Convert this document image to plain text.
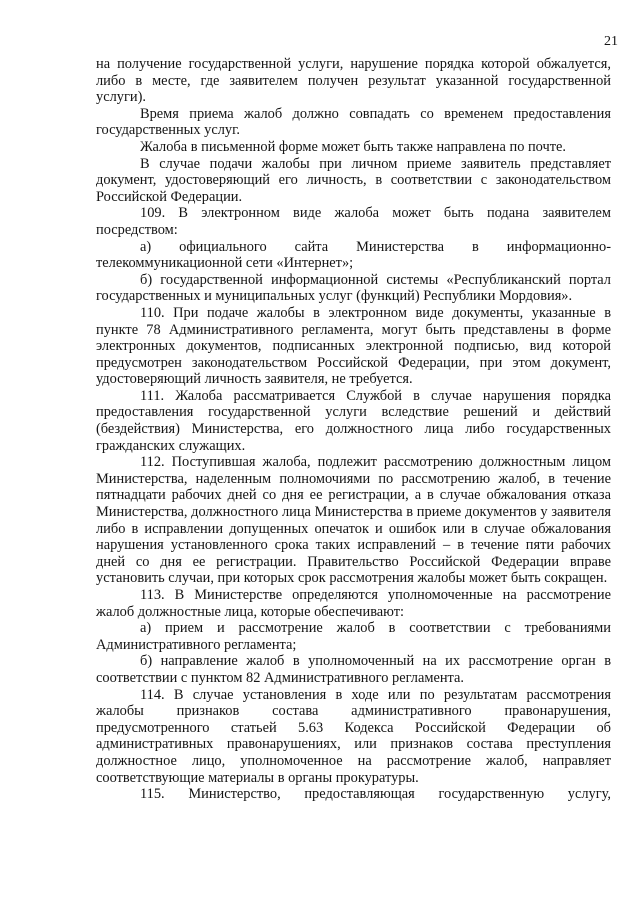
21

на получение государственной услуги, нарушение порядка которой обжалуется, либо в месте, где заявителем получен результат указанной государственной услуги).

Время приема жалоб должно совпадать со временем предоставления государственных услуг.

Жалоба в письменной форме может быть также направлена по почте.

В случае подачи жалобы при личном приеме заявитель представляет документ, удостоверяющий его личность, в соответствии с законодательством Российской Федерации.

109. В электронном виде жалоба может быть подана заявителем посредством:

а) официального сайта Министерства в информационно-телекоммуникационной сети «Интернет»;

б) государственной информационной системы «Республиканский портал государственных и муниципальных услуг (функций) Республики Мордовия».

110. При подаче жалобы в электронном виде документы, указанные в пункте 78 Административного регламента, могут быть представлены в форме электронных документов, подписанных электронной подписью, вид которой предусмотрен законодательством Российской Федерации, при этом документ, удостоверяющий личность заявителя, не требуется.

111. Жалоба рассматривается Службой в случае нарушения порядка предоставления государственной услуги вследствие решений и действий (бездействия) Министерства, его должностного лица либо государственных гражданских служащих.

112. Поступившая жалоба, подлежит рассмотрению должностным лицом Министерства, наделенным полномочиями по рассмотрению жалоб, в течение пятнадцати рабочих дней со дня ее регистрации, а в случае обжалования отказа Министерства, должностного лица Министерства в приеме документов у заявителя либо в исправлении допущенных опечаток и ошибок или в случае обжалования нарушения установленного срока таких исправлений – в течение пяти рабочих дней со дня ее регистрации. Правительство Российской Федерации вправе установить случаи, при которых срок рассмотрения жалобы может быть сокращен.

113. В Министерстве определяются уполномоченные на рассмотрение жалоб должностные лица, которые обеспечивают:

а) прием и рассмотрение жалоб в соответствии с требованиями Административного регламента;

б) направление жалоб в уполномоченный на их рассмотрение орган в соответствии с пунктом 82 Административного регламента.

114. В случае установления в ходе или по результатам рассмотрения жалобы признаков состава административного правонарушения, предусмотренного статьей 5.63 Кодекса Российской Федерации об административных правонарушениях, или признаков состава преступления должностное лицо, уполномоченное на рассмотрение жалоб, направляет соответствующие материалы в органы прокуратуры.

115. Министерство, предоставляющая государственную услугу,
